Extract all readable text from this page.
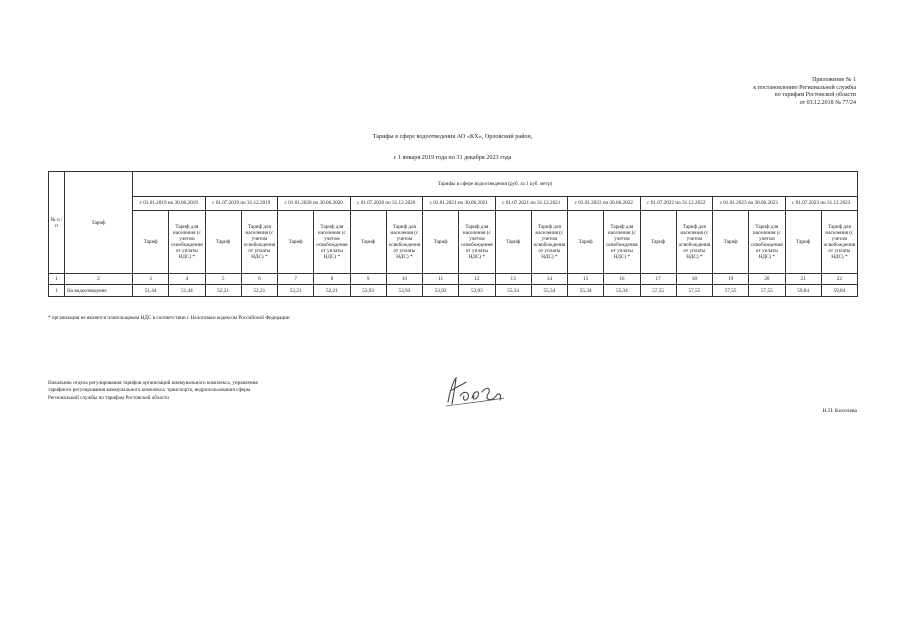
Приложение № 1
к постановлению Региональной службы
по тарифам Ростовской области
от 03.12.2018 № 77/24
Тарифы в сфере водоотведения АО «КХ», Орловский район,
с 1 января 2019 года по 31 декабря 2023 года
№ п / п	Тариф	Тарифы в сфере водоотведения (руб. за 1 куб. метр)																			
		с 01.01.2019 по 30.06.2019		с 01.07.2019 по 31.12.2019		с 01.01.2020 по 30.06.2020		с 01.07.2020 по 31.12.2020		с 01.01.2021 по 30.06.2021		с 01.07.2021 по 31.12.2021		с 01.01.2022 по 30.06.2022		с 01.07.2022 по 31.12.2022		с 01.01.2023 по 30.06.2023		с 01.07.2023 по 31.12.2023	
		Тариф	Тариф для населения (с учетом освобождения от уплаты НДС) *	Тариф	Тариф для населения (с учетом освобождения от уплаты НДС) *	Тариф	Тариф для населения (с учетом освобождения от уплаты НДС) *	Тариф	Тариф для населения (с учетом освобождения от уплаты НДС) *	Тариф	Тариф для населения (с учетом освобождения от уплаты НДС) *	Тариф	Тариф для населения (с учетом освобождения от уплаты НДС) *	Тариф	Тариф для населения (с учетом освобождения от уплаты НДС) *	Тариф	Тариф для населения (с учетом освобождения от уплаты НДС) *	Тариф	Тариф для населения (с учетом освобождения от уплаты НДС) *	Тариф	Тариф для населения (с учетом освобождения от уплаты НДС) *
1	2	3	4	5	6	7	8	9	10	11	12	13	14	15	16	17	18	19	20	21	22
1	На водоотведение	51,44	51,44	52,21	52,21	52,21	52,21	53,93	53,93	53,93	53,93	55,34	55,34	55,34	55,34	57,55	57,55	57,55	57,55	59,84	59,84
* организация не является плательщиком НДС в соответствии с Налоговым кодексом Российской Федерации
Начальник отдела регулирования тарифов организаций коммунального комплекса, управления тарифного регулирования коммунального комплекса, транспорта, недропользования сферы Региональной службы по тарифам Ростовской области
Н.П. Киселева
